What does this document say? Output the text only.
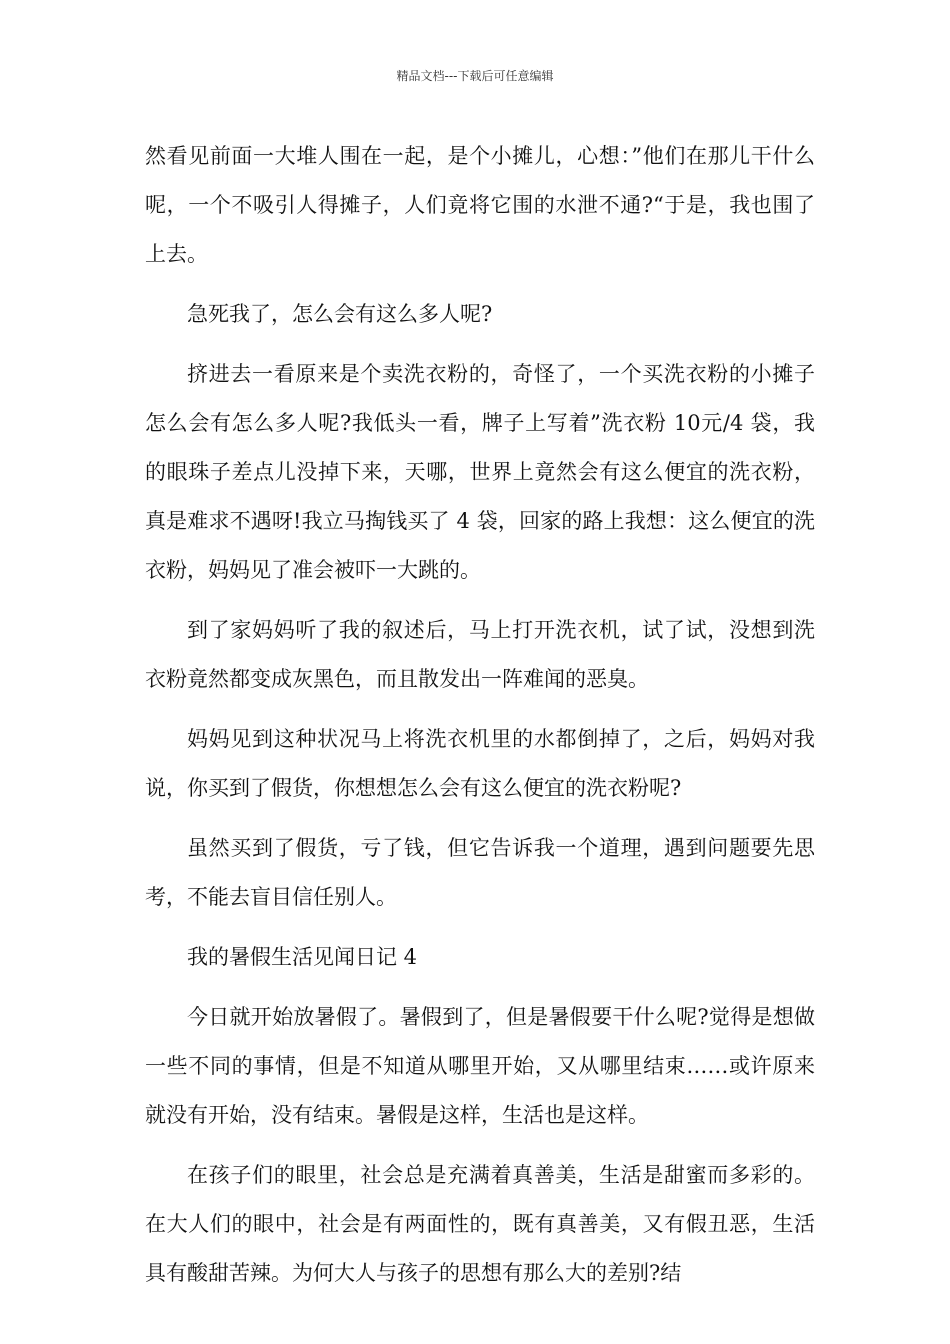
精品文档---下载后可任意编辑

然看见前面一大堆人围在一起，是个小摊儿，心想：”他们在那儿干什么呢，一个不吸引人得摊子，人们竟将它围的水泄不通?“于是，我也围了上去。

急死我了，怎么会有这么多人呢?

挤进去一看原来是个卖洗衣粉的，奇怪了，一个买洗衣粉的小摊子怎么会有怎么多人呢?我低头一看，牌子上写着”洗衣粉 10元/4 袋，我的眼珠子差点儿没掉下来，天哪，世界上竟然会有这么便宜的洗衣粉，真是难求不遇呀!我立马掏钱买了 4 袋，回家的路上我想：这么便宜的洗衣粉，妈妈见了准会被吓一大跳的。

到了家妈妈听了我的叙述后，马上打开洗衣机，试了试，没想到洗衣粉竟然都变成灰黑色，而且散发出一阵难闻的恶臭。

妈妈见到这种状况马上将洗衣机里的水都倒掉了，之后，妈妈对我说，你买到了假货，你想想怎么会有这么便宜的洗衣粉呢?

虽然买到了假货，亏了钱，但它告诉我一个道理，遇到问题要先思考，不能去盲目信任别人。

我的暑假生活见闻日记 4

今日就开始放暑假了。暑假到了，但是暑假要干什么呢?觉得是想做一些不同的事情，但是不知道从哪里开始，又从哪里结束……或许原来就没有开始，没有结束。暑假是这样，生活也是这样。

在孩子们的眼里，社会总是充满着真善美，生活是甜蜜而多彩的。在大人们的眼中，社会是有两面性的，既有真善美，又有假丑恶，生活具有酸甜苦辣。为何大人与孩子的思想有那么大的差别?结
